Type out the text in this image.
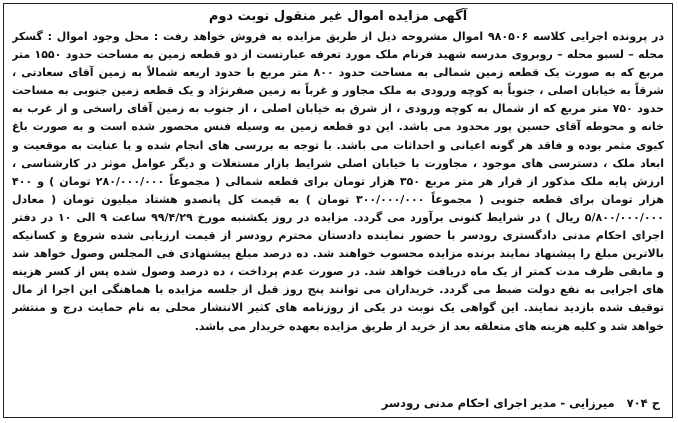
آگهی مزایده اموال غیر منقول نوبت دوم

در پرونده اجرایی کلاسه ۹۸۰۵۰۶ اموال مشروحه ذیل از طریق مزایده به فروش خواهد رفت : محل وجود اموال : گسکر محله – لسبو محله – روبروی مدرسه شهید فرنام ملک مورد تعرفه عبارتست از دو قطعه زمین به مساحت حدود ۱۵۵۰ متر مربع که به صورت یک قطعه زمین شمالی به مساحت حدود ۸۰۰ متر مربع با حدود اربعه شمالاً به زمین آقای سعادتی ، شرقاً به خیابان اصلی ، جنوباً به کوچه ورودی به ملک مجاور و غرباً به زمین صفرنژاد و یک قطعه زمین جنوبی به مساحت حدود ۷۵۰ متر مربع که از شمال به کوچه ورودی ، از شرق به خیابان اصلی ، از جنوب به زمین آقای راسخی و از غرب به خانه و محوطه آقای حسین پور محدود می باشد. این دو قطعه زمین به وسیله فنس محصور شده است و به صورت باغ کیوی مثمر بوده و فاقد هر گونه اعیانی و احداثات می باشد. با توجه به بررسی های انجام شده و با عنایت به موقعیت و ابعاد ملک ، دسترسی های موجود ، مجاورت با خیابان اصلی شرایط بازار مستغلات و دیگر عوامل موثر در کارشناسی ، ارزش پایه ملک مذکور از قرار هر متر مربع ۳۵۰ هزار تومان برای قطعه شمالی ( مجموعاً ۲۸۰/۰۰۰/۰۰۰ تومان ) و ۴۰۰ هزار تومان برای قطعه جنوبی ( مجموعاً ۳۰۰/۰۰۰/۰۰۰ تومان ) به قیمت کل پانصدو هشتاد میلیون تومان ( معادل ۵/۸۰۰/۰۰۰/۰۰۰ ریال ) در شرایط کنونی برآورد می گردد. مزایده در روز یکشنبه مورخ ۹۹/۴/۲۹ ساعت ۹ الی ۱۰ در دفتر اجرای احکام مدنی دادگستری رودسر با حضور نماینده دادستان محترم رودسر از قیمت ارزیابی شده شروع و کسانیکه بالاترین مبلغ را پیشنهاد نمایند برنده مزایده محسوب خواهند شد. ده درصد مبلغ پیشنهادی فی المجلس وصول خواهد شد و مابقی ظرف مدت کمتر از یک ماه دریافت خواهد شد. در صورت عدم پرداخت ، ده درصد وصول شده پس از کسر هزینه های اجرایی به نفع دولت ضبط می گردد. خریداران می توانند پنج روز قبل از جلسه مزایده با هماهنگی این اجرا از مال توقیف شده بازدید نمایند. این گواهی یک نوبت در یکی از روزنامه های کثیر الانتشار محلی به نام حمایت درج و منتشر خواهد شد و کلیه هزینه های متعلقه بعد از خرید از طریق مزایده بعهده خریدار می باشد.

ح ۷۰۴ میرزایی - مدیر اجرای احکام مدنی رودسر
